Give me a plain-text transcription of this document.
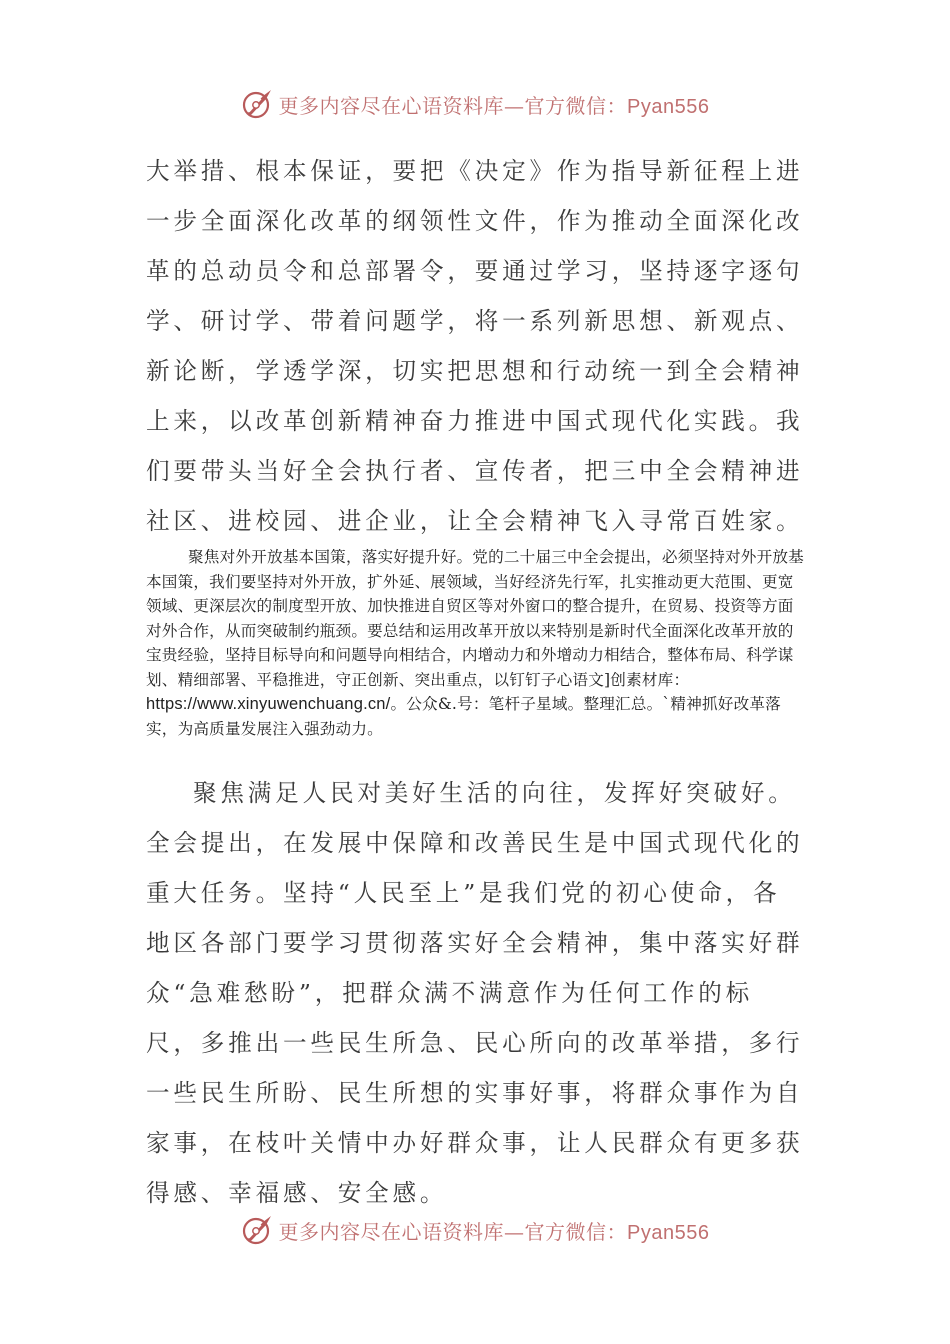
更多内容尽在心语资料库—官方微信：Pyan556

大举措、根本保证，要把《决定》作为指导新征程上进一步全面深化改革的纲领性文件，作为推动全面深化改革的总动员令和总部署令，要通过学习，坚持逐字逐句学、研讨学、带着问题学，将一系列新思想、新观点、新论断，学透学深，切实把思想和行动统一到全会精神上来，以改革创新精神奋力推进中国式现代化实践。我们要带头当好全会执行者、宣传者，把三中全会精神进社区、进校园、进企业，让全会精神飞入寻常百姓家。

聚焦对外开放基本国策，落实好提升好。党的二十届三中全会提出，必须坚持对外开放基本国策，我们要坚持对外开放，扩外延、展领域，当好经济先行军，扎实推动更大范围、更宽领域、更深层次的制度型开放、加快推进自贸区等对外窗口的整合提升，在贸易、投资等方面对外合作，从而突破制约瓶颈。要总结和运用改革开放以来特别是新时代全面深化改革开放的宝贵经验，坚持目标导向和问题导向相结合，内增动力和外增动力相结合，整体布局、科学谋划、精细部署、平稳推进，守正创新、突出重点，以钉钉子心语文]创素材库：
https://www.xinyuwenchuang.cn/。公众&.号：笔杆子星域。整理汇总。`精神抓好改革落实，为高质量发展注入强劲动力。

聚焦满足人民对美好生活的向往，发挥好突破好。全会提出，在发展中保障和改善民生是中国式现代化的重大任务。坚持“人民至上”是我们党的初心使命，各地区各部门要学习贯彻落实好全会精神，集中落实好群众“急难愁盼”，把群众满不满意作为任何工作的标尺，多推出一些民生所急、民心所向的改革举措，多行一些民生所盼、民生所想的实事好事，将群众事作为自家事，在枝叶关情中办好群众事，让人民群众有更多获得感、幸福感、安全感。

更多内容尽在心语资料库—官方微信：Pyan556
